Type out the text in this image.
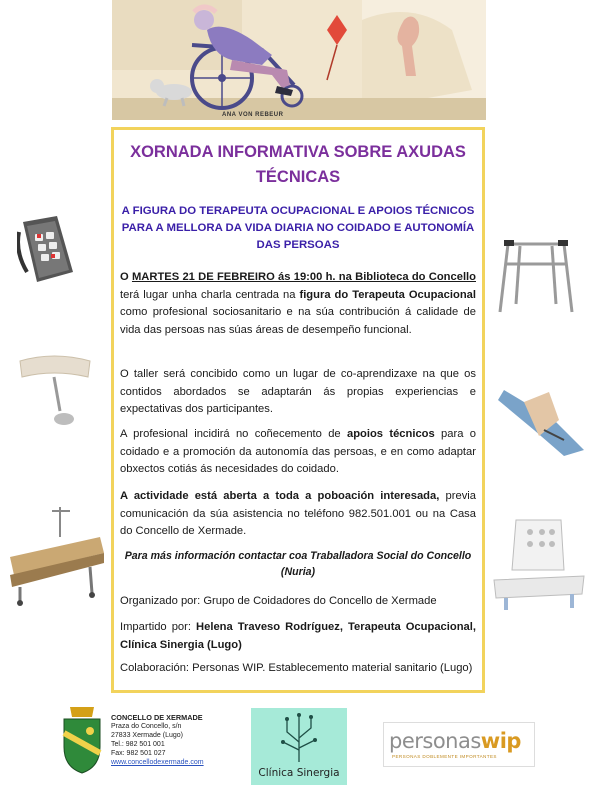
ANA VON REBEUR
XORNADA INFORMATIVA SOBRE AXUDAS TÉCNICAS
A FIGURA DO TERAPEUTA OCUPACIONAL E APOIOS TÉCNICOS PARA A MELLORA DA VIDA DIARIA NO COIDADO E AUTONOMÍA DAS PERSOAS
O MARTES 21 DE FEBREIRO ás 19:00 h. na Biblioteca do Concello terá lugar unha charla centrada na figura do Terapeuta Ocupacional como profesional sociosanitario e na súa contribución á calidade de vida das persoas nas súas áreas de desempeño funcional.
O taller será concibido como un lugar de co-aprendizaxe na que os contidos abordados se adaptarán ás propias experiencias e expectativas dos participantes.
A profesional incidirá no coñecemento de apoios técnicos para o coidado e a promoción da autonomía das persoas, e en como adaptar obxectos cotiás ás necesidades do coidado.
A actividade está aberta a toda a poboación interesada, previa comunicación da súa asistencia no teléfono 982.501.001 ou na Casa do Concello de Xermade.
Para más información contactar coa Traballadora Social do Concello (Nuria)
Organizado por: Grupo de Coidadores do Concello de Xermade
Impartido por: Helena Traveso Rodríguez, Terapeuta Ocupacional, Clínica Sinergia (Lugo)
Colaboración: Personas WIP. Establecemento material sanitario (Lugo)
CONCELLO DE XERMADE
Praza do Concello, s/n
27833 Xermade (Lugo)
Tel.: 982 501 001
Fax: 982 501 027
www.concellodexermade.com
Clínica Sinergia
personaswip
PERSONAS DOBLEMENTE IMPORTANTES
